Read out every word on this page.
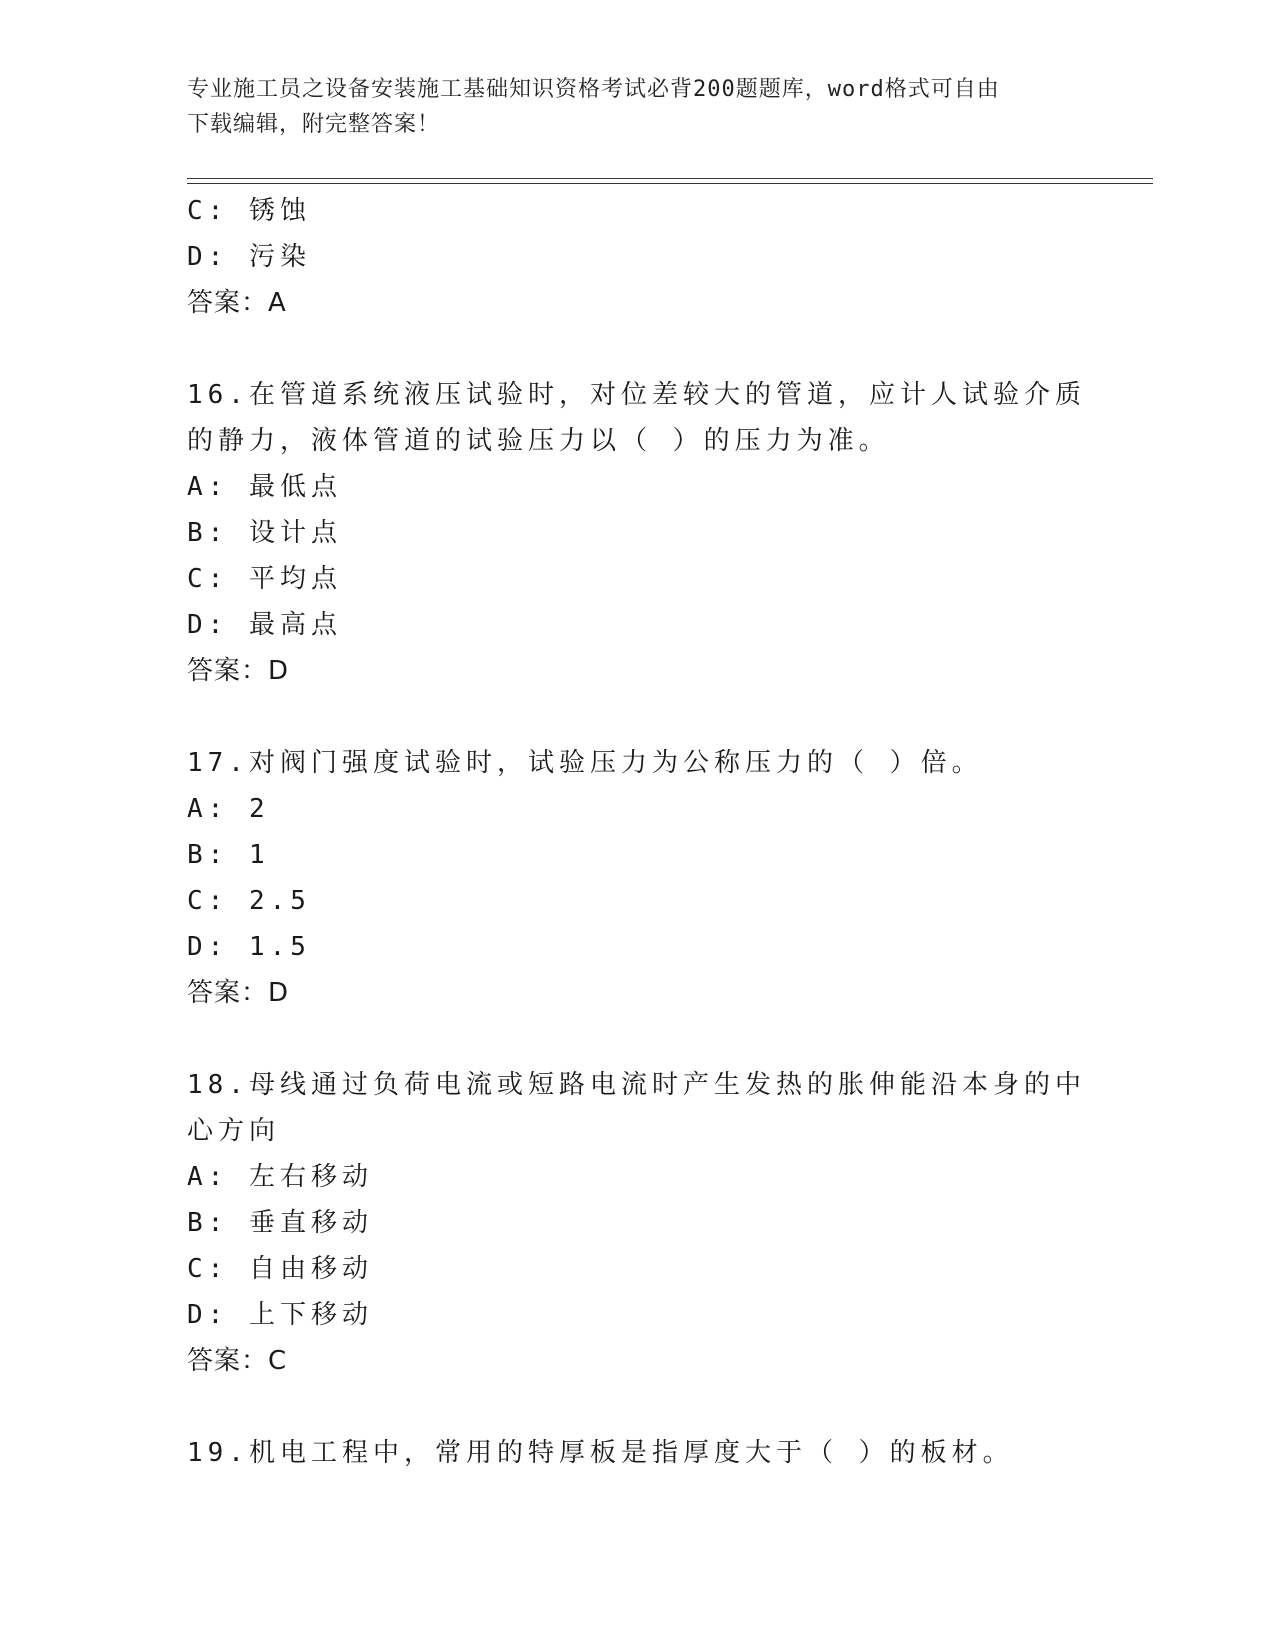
专业施工员之设备安装施工基础知识资格考试必背200题题库，word格式可自由
下载编辑，附完整答案！
C: 锈蚀
D: 污染
答案：A
16.在管道系统液压试验时，对位差较大的管道，应计人试验介质的静力，液体管道的试验压力以（ ）的压力为准。
A: 最低点
B: 设计点
C: 平均点
D: 最高点
答案：D
17.对阀门强度试验时，试验压力为公称压力的（ ）倍。
A: 2
B: 1
C: 2.5
D: 1.5
答案：D
18.母线通过负荷电流或短路电流时产生发热的胀伸能沿本身的中心方向
A: 左右移动
B: 垂直移动
C: 自由移动
D: 上下移动
答案：C
19.机电工程中，常用的特厚板是指厚度大于（ ）的板材。
